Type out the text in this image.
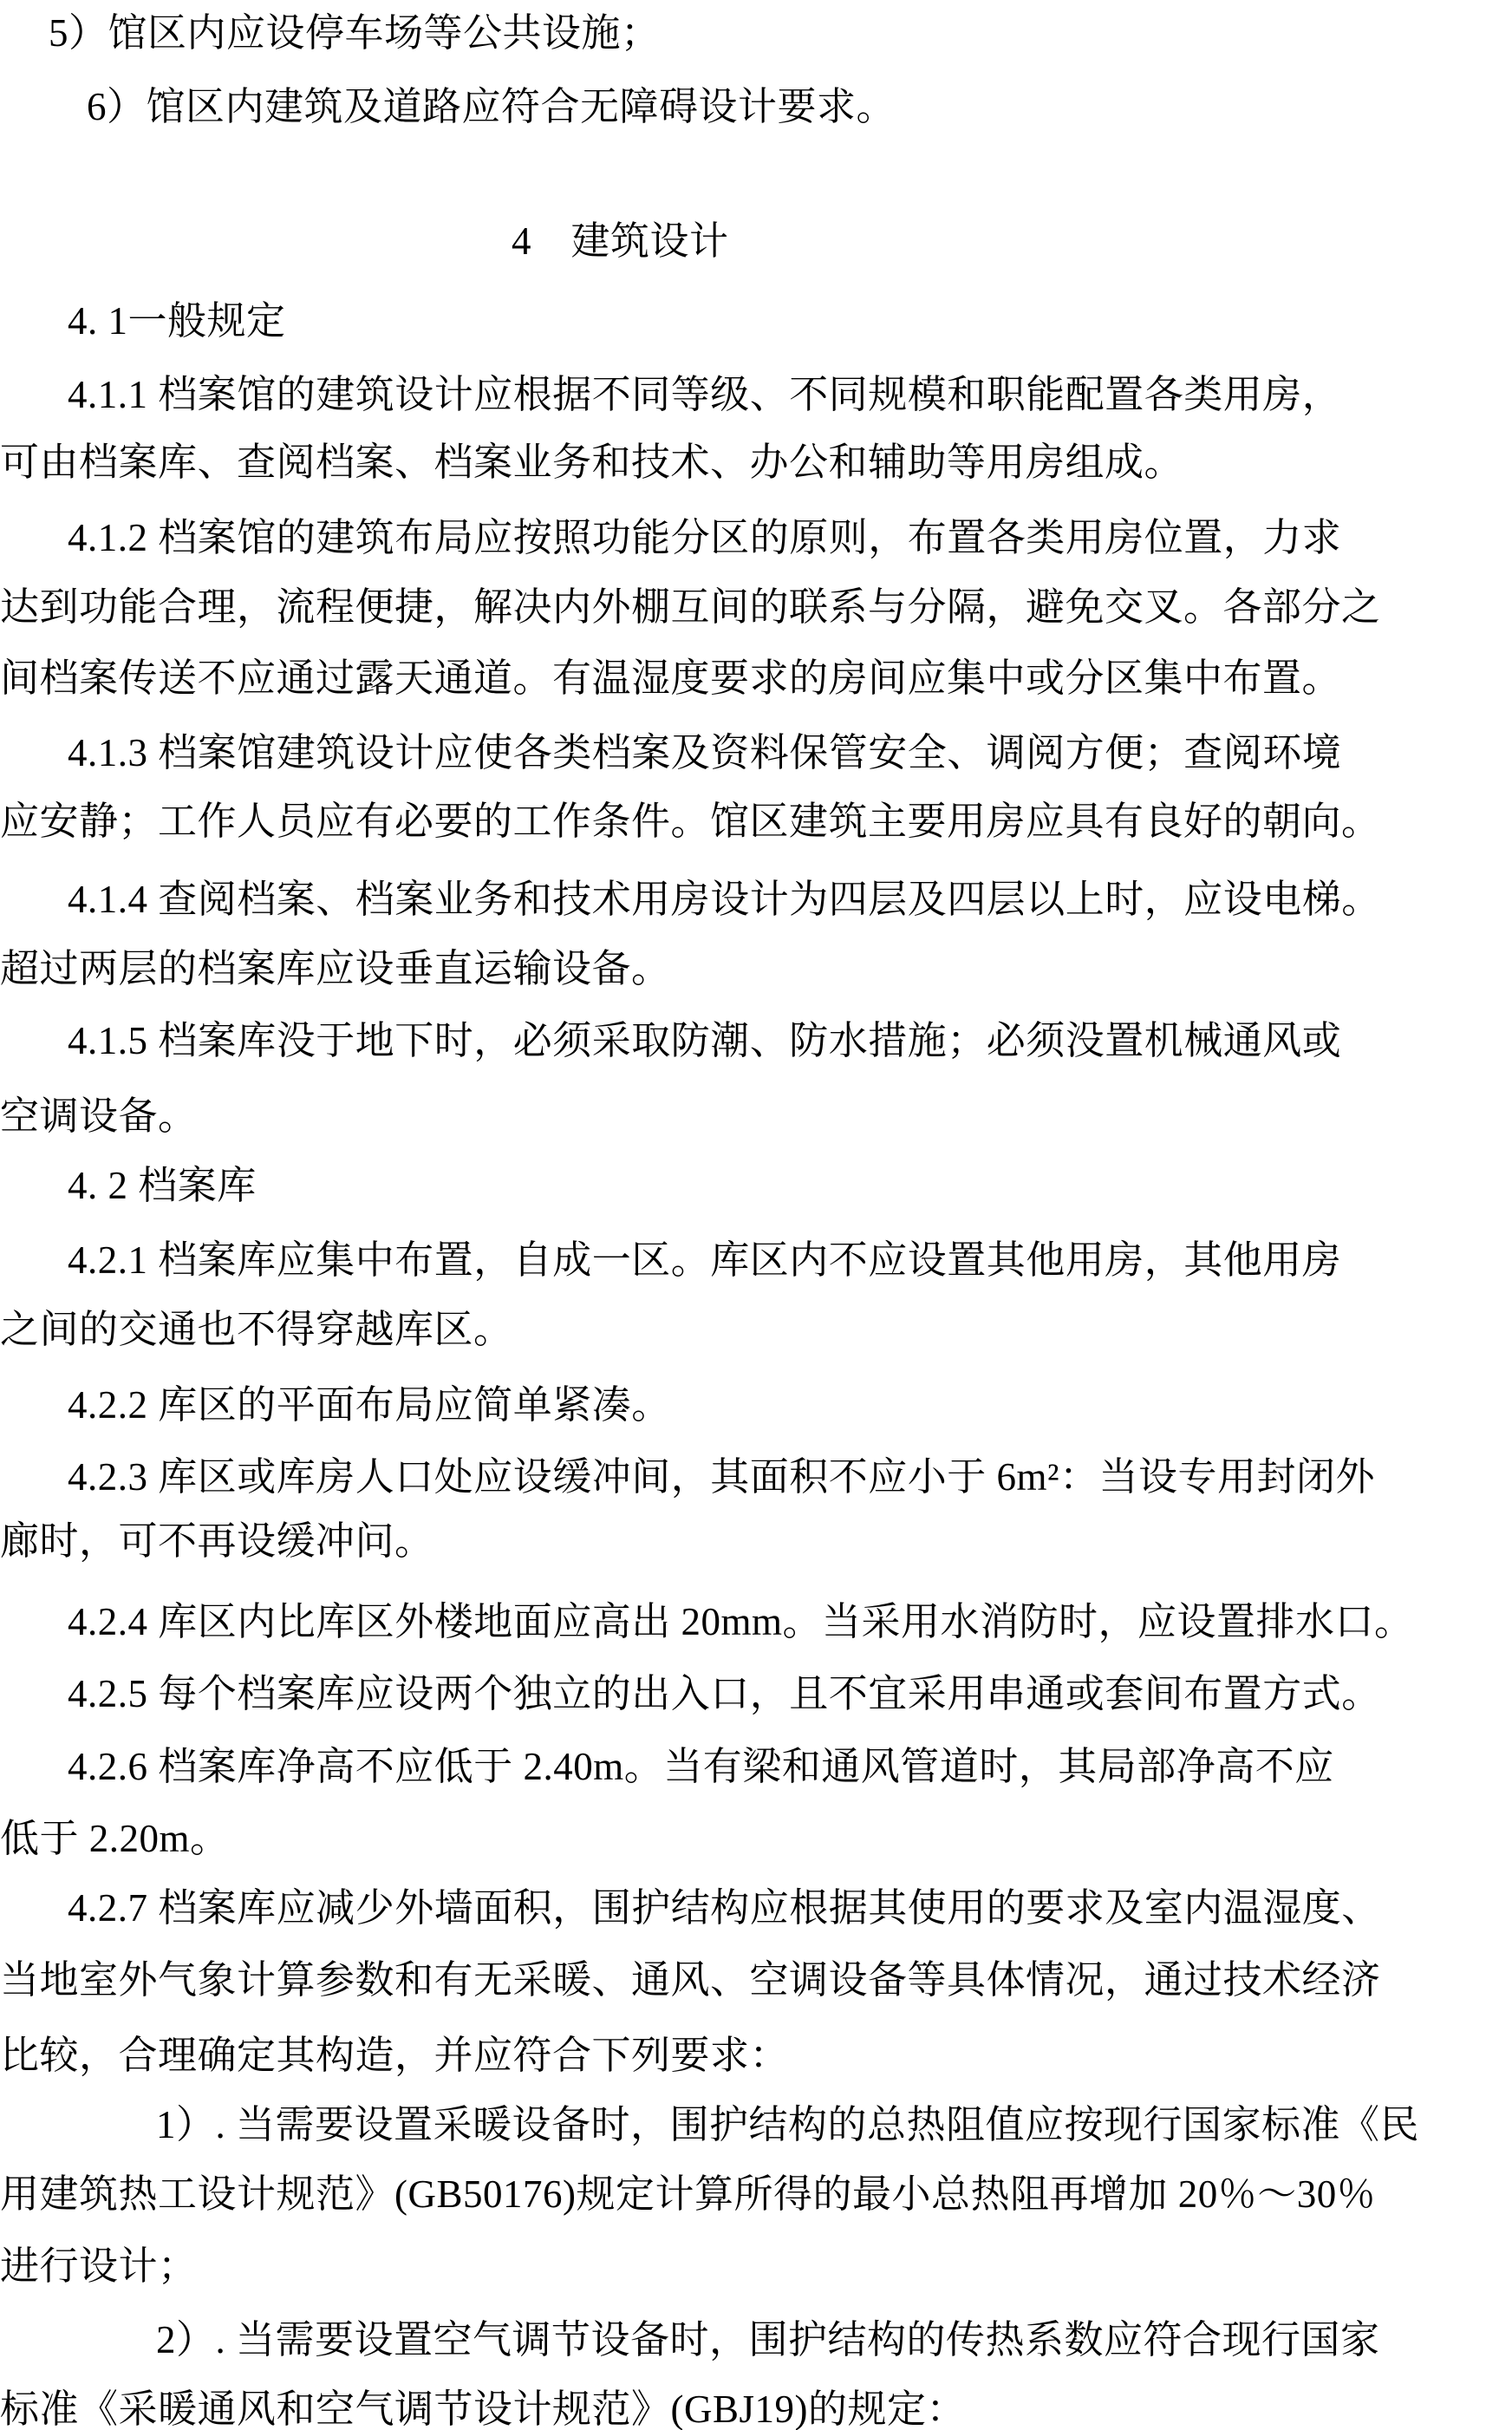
5）馆区内应设停车场等公共设施；
6）馆区内建筑及道路应符合无障碍设计要求。
4　建筑设计
4. 1一般规定
4.1.1 档案馆的建筑设计应根据不同等级、不同规模和职能配置各类用房，
可由档案库、查阅档案、档案业务和技术、办公和辅助等用房组成。
4.1.2 档案馆的建筑布局应按照功能分区的原则，布置各类用房位置，力求
达到功能合理，流程便捷，解决内外棚互间的联系与分隔，避免交叉。各部分之
间档案传送不应通过露天通道。有温湿度要求的房间应集中或分区集中布置。
4.1.3 档案馆建筑设计应使各类档案及资料保管安全、调阅方便；查阅环境
应安静；工作人员应有必要的工作条件。馆区建筑主要用房应具有良好的朝向。
4.1.4 查阅档案、档案业务和技术用房设计为四层及四层以上时，应设电梯。
超过两层的档案库应设垂直运输设备。
4.1.5 档案库没于地下时，必须采取防潮、防水措施；必须没置机械通风或
空调设备。
4. 2 档案库
4.2.1 档案库应集中布置，自成一区。库区内不应设置其他用房，其他用房
之间的交通也不得穿越库区。
4.2.2 库区的平面布局应简单紧凑。
4.2.3 库区或库房人口处应设缓冲间，其面积不应小于 6m²：当设专用封闭外
廊时，可不再设缓冲问。
4.2.4 库区内比库区外楼地面应高出 20mm。当采用水消防时，应设置排水口。
4.2.5 每个档案库应设两个独立的出入口，且不宜采用串通或套间布置方式。
4.2.6 档案库净高不应低于 2.40m。当有梁和通风管道时，其局部净高不应
低于 2.20m。
4.2.7 档案库应减少外墙面积，围护结构应根据其使用的要求及室内温湿度、
当地室外气象计算参数和有无采暖、通风、空调设备等具体情况，通过技术经济
比较，合理确定其构造，并应符合下列要求：
1）. 当需要设置采暖设备时，围护结构的总热阻值应按现行国家标准《民
用建筑热工设计规范》(GB50176)规定计算所得的最小总热阻再增加 20％～30％
进行设计；
2）. 当需要设置空气调节设备时，围护结构的传热系数应符合现行国家
标准《采暖通风和空气调节设计规范》(GBJ19)的规定：
